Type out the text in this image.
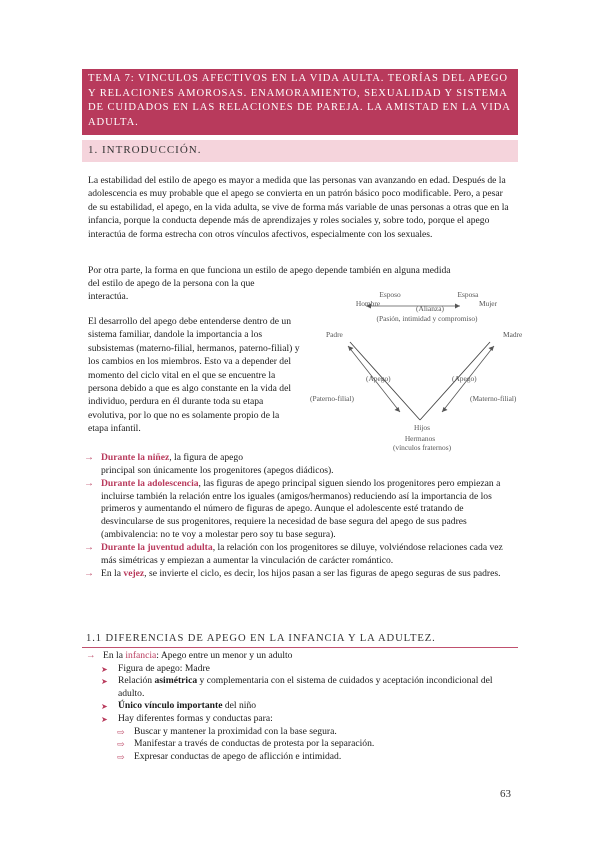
TEMA 7: VINCULOS AFECTIVOS EN LA VIDA AULTA. TEORÍAS DEL APEGO Y RELACIONES AMOROSAS. ENAMORAMIENTO, SEXUALIDAD Y SISTEMA DE CUIDADOS EN LAS RELACIONES DE PAREJA. LA AMISTAD EN LA VIDA ADULTA.
1. INTRODUCCIÓN.

La estabilidad del estilo de apego es mayor a medida que las personas van avanzando en edad. Después de la adolescencia es muy probable que el apego se convierta en un patrón básico poco modificable. Pero, a pesar de su estabilidad, el apego, en la vida adulta, se vive de forma más variable de unas personas a otras que en la infancia, porque la conducta depende más de aprendizajes y roles sociales y, sobre todo, porque el apego interactúa de forma estrecha con otros vínculos afectivos, especialmente con los sexuales.

Por otra parte, la forma en que funciona un estilo de apego depende también en alguna medida

del estilo de apego de la persona con la que

interactúa.

El desarrollo del apego debe entenderse dentro de un sistema familiar, dandole la importancia a los subsistemas (materno-filial, hermanos, paterno-filial) y los cambios en los miembros. Esto va a depender del momento del ciclo vital en el que se encuentre la persona debido a que es algo constante en la vida del individuo, perdura en él durante toda su etapa evolutiva, por lo que no es solamente propio de la etapa infantil.

Esposo	Esposa
Hombre	Mujer
(Alianza)
(Pasión, intimidad y compromiso)
Padre	Madre
(Apego)	(Apego)
(Paterno-filial)	(Materno-filial)
Hijos
Hermanos
(vínculos fraternos)
→ Durante la niñez, la figura de apego
principal son únicamente los progenitores (apegos diádicos).
→ Durante la adolescencia, las figuras de apego principal siguen siendo los progenitores pero empiezan a incluirse también la relación entre los iguales (amigos/hermanos) reduciendo así la importancia de los primeros y aumentando el número de figuras de apego. Aunque el adolescente esté tratando de desvincularse de sus progenitores, requiere la necesidad de base segura del apego de sus padres (ambivalencia: no te voy a molestar pero soy tu base segura).
→ Durante la juventud adulta, la relación con los progenitores se diluye, volviéndose relaciones cada vez más simétricas y empiezan a aumentar la vinculación de carácter romántico.
→ En la vejez, se invierte el ciclo, es decir, los hijos pasan a ser las figuras de apego seguras de sus padres.
1.1 DIFERENCIAS DE APEGO EN LA INFANCIA Y LA ADULTEZ.
→ En la infancia: Apego entre un menor y un adulto
➤ Figura de apego: Madre
➤ Relación asimétrica y complementaria con el sistema de cuidados y aceptación incondicional del adulto.
➤ Único vínculo importante del niño
➤ Hay diferentes formas y conductas para:
⇨ Buscar y mantener la proximidad con la base segura.
⇨ Manifestar a través de conductas de protesta por la separación.
⇨ Expresar conductas de apego de aflicción e intimidad.
63
